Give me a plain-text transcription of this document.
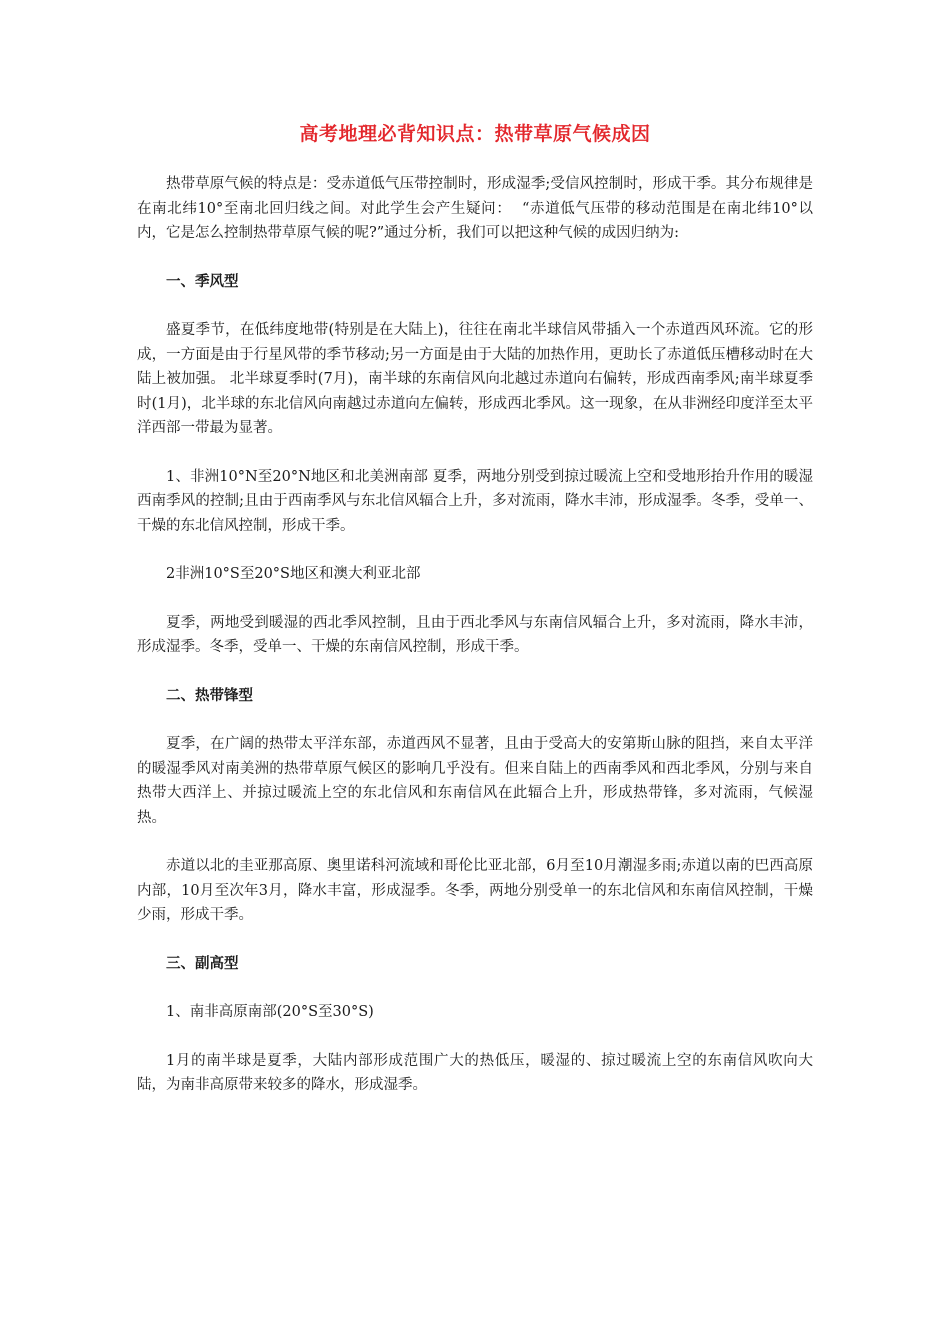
高考地理必背知识点：热带草原气候成因

热带草原气候的特点是：受赤道低气压带控制时，形成湿季;受信风控制时，形成干季。其分布规律是在南北纬10°至南北回归线之间。对此学生会产生疑问：  “赤道低气压带的移动范围是在南北纬10°以内，它是怎么控制热带草原气候的呢?”通过分析，我们可以把这种气候的成因归纳为:

一、季风型

盛夏季节，在低纬度地带(特别是在大陆上)，往往在南北半球信风带插入一个赤道西风环流。它的形成，一方面是由于行星风带的季节移动;另一方面是由于大陆的加热作用，更助长了赤道低压槽移动时在大陆上被加强。 北半球夏季时(7月)，南半球的东南信风向北越过赤道向右偏转，形成西南季风;南半球夏季时(1月)，北半球的东北信风向南越过赤道向左偏转，形成西北季风。这一现象，在从非洲经印度洋至太平洋西部一带最为显著。

1、非洲10°N至20°N地区和北美洲南部 夏季，两地分别受到掠过暖流上空和受地形抬升作用的暖湿西南季风的控制;且由于西南季风与东北信风辐合上升，多对流雨，降水丰沛，形成湿季。冬季，受单一、干燥的东北信风控制，形成干季。

2非洲10°S至20°S地区和澳大利亚北部

夏季，两地受到暖湿的西北季风控制，且由于西北季风与东南信风辐合上升，多对流雨，降水丰沛，形成湿季。冬季，受单一、干燥的东南信风控制，形成干季。

二、热带锋型

夏季，在广阔的热带太平洋东部，赤道西风不显著，且由于受高大的安第斯山脉的阻挡，来自太平洋的暖湿季风对南美洲的热带草原气候区的影响几乎没有。但来自陆上的西南季风和西北季风，分别与来自热带大西洋上、并掠过暖流上空的东北信风和东南信风在此辐合上升，形成热带锋，多对流雨，气候湿热。

赤道以北的圭亚那高原、奥里诺科河流域和哥伦比亚北部，6月至10月潮湿多雨;赤道以南的巴西高原内部，10月至次年3月，降水丰富，形成湿季。冬季，两地分别受单一的东北信风和东南信风控制，干燥少雨，形成干季。

三、副高型

1、南非高原南部(20°S至30°S)

1月的南半球是夏季，大陆内部形成范围广大的热低压，暖湿的、掠过暖流上空的东南信风吹向大陆，为南非高原带来较多的降水，形成湿季。
